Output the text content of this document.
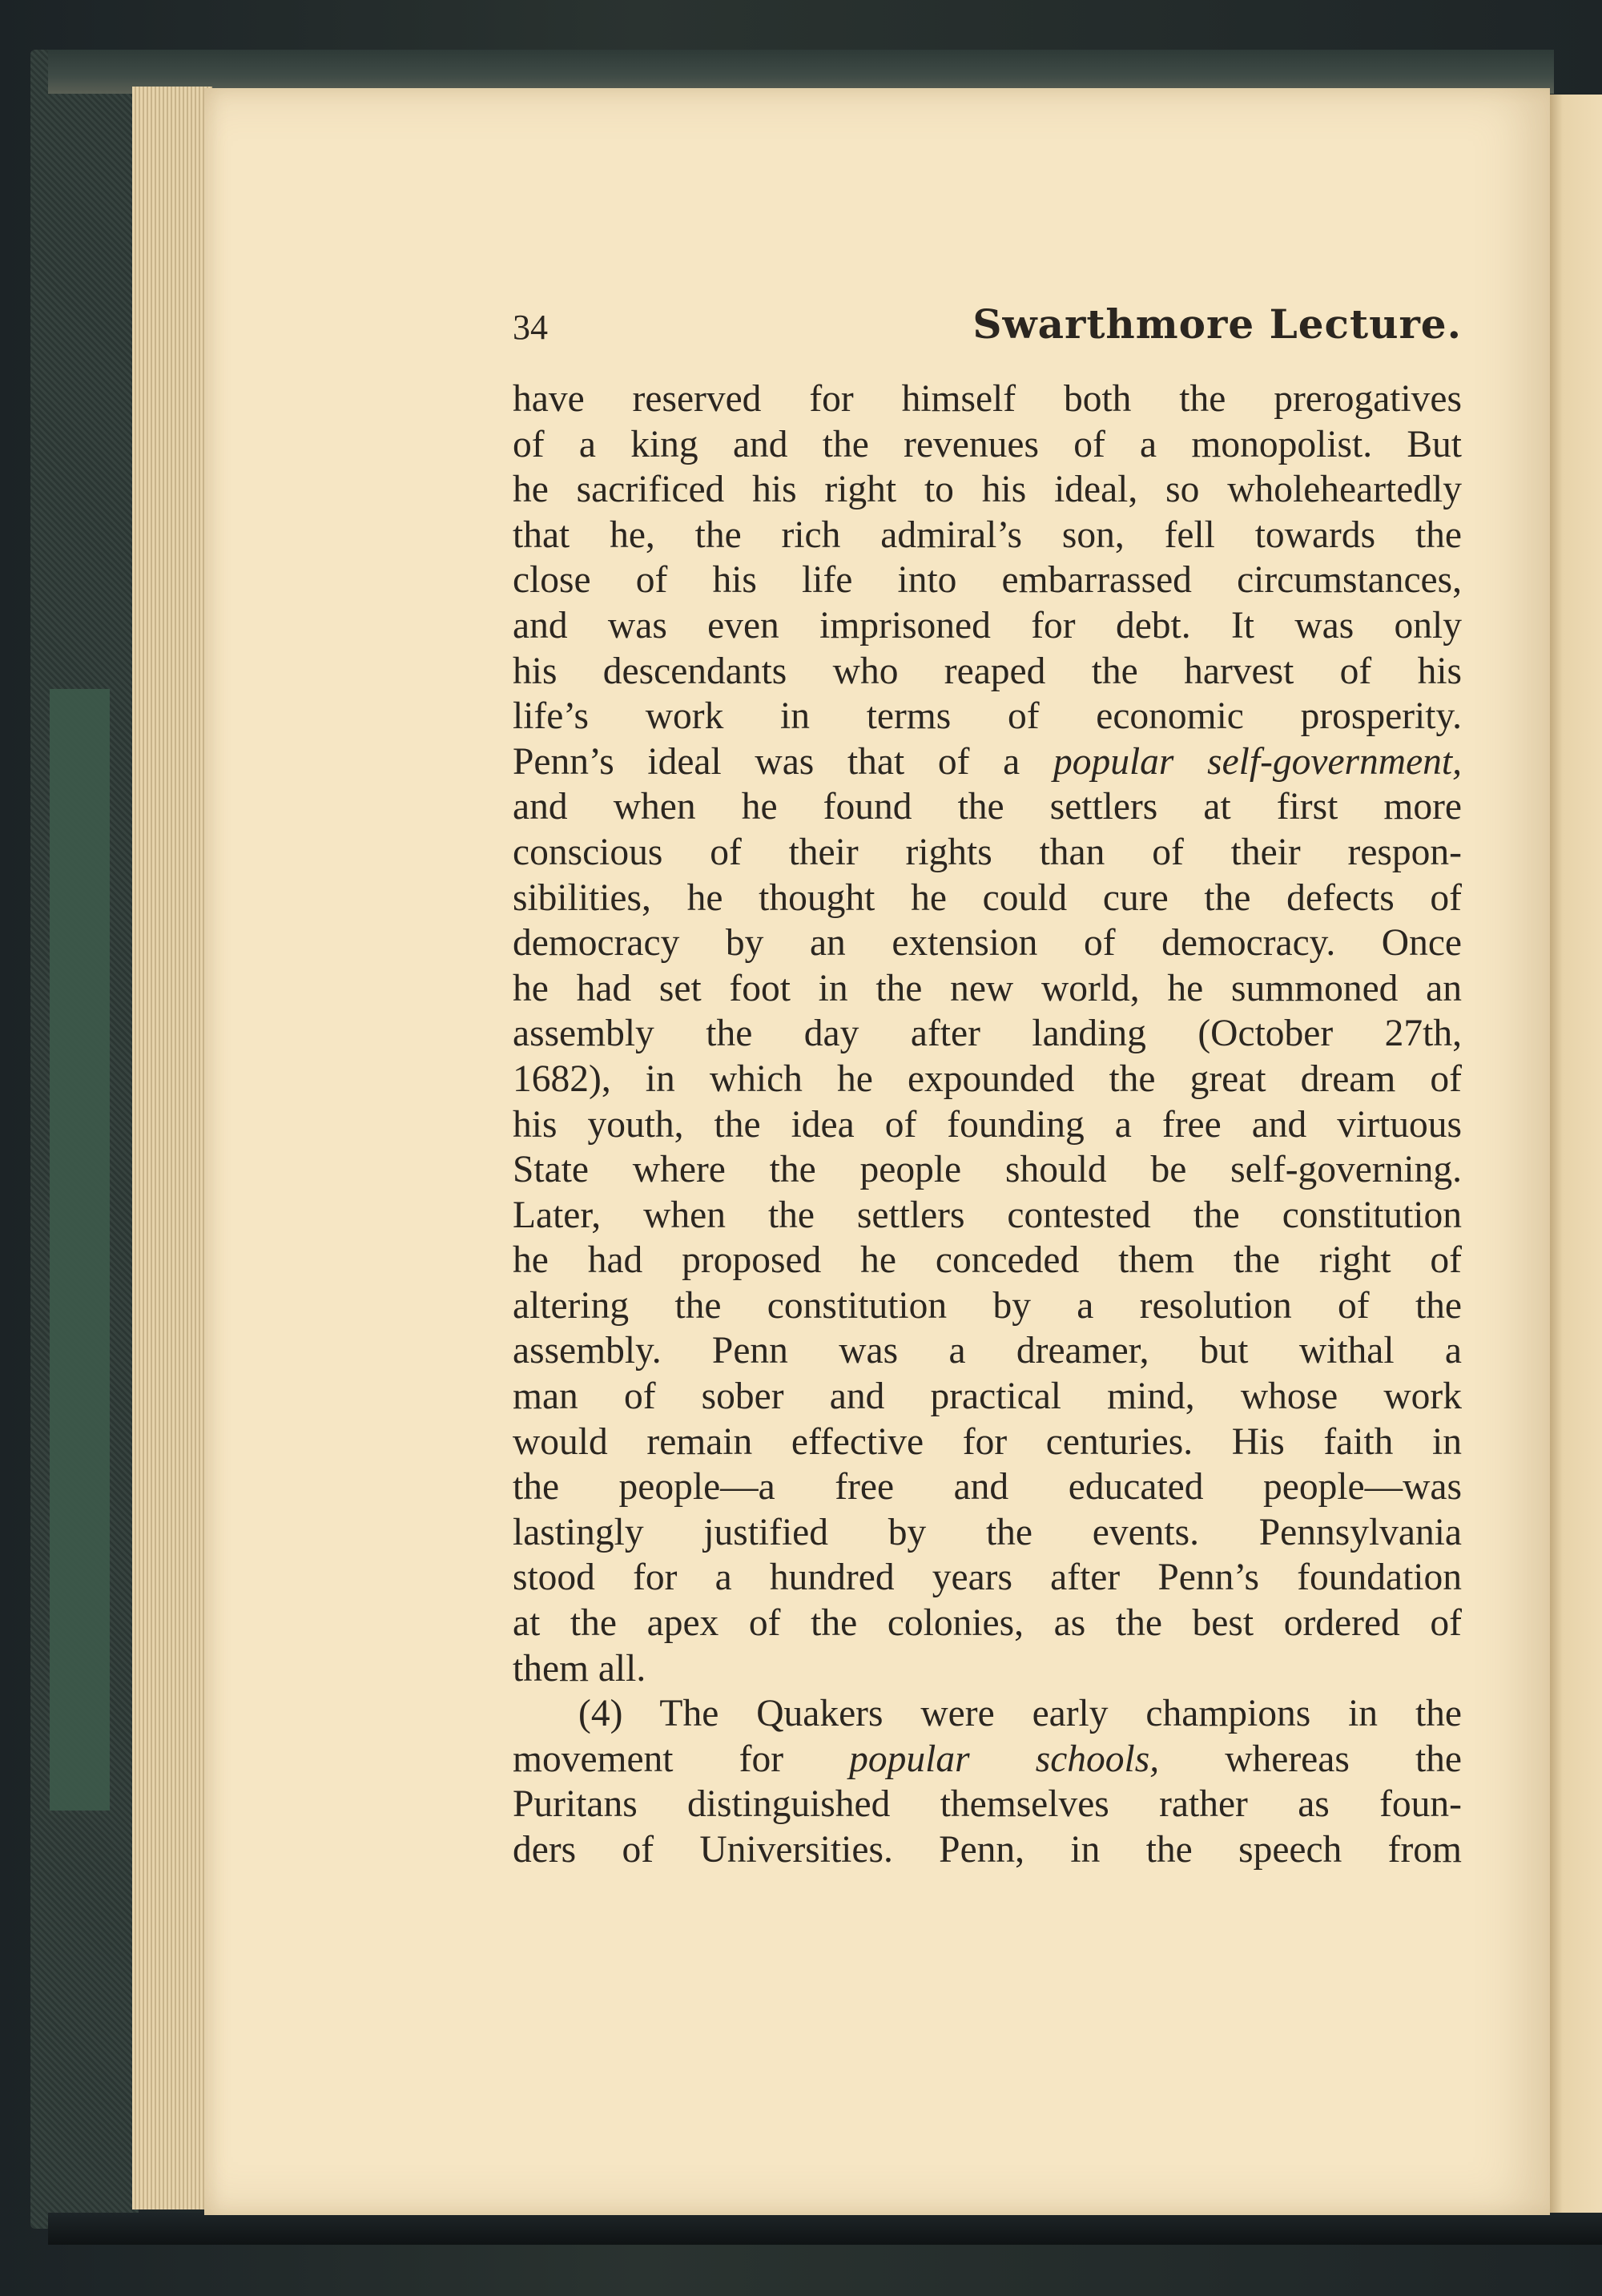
34	Swarthmore Lecture.
have reserved for himself both the prerogatives
of a king and the revenues of a monopolist. But
he sacrificed his right to his ideal, so wholeheartedly
that he, the rich admiral’s son, fell towards the
close of his life into embarrassed circumstances,
and was even imprisoned for debt. It was only
his descendants who reaped the harvest of his
life’s work in terms of economic prosperity.
Penn’s ideal was that of a popular self-government,
and when he found the settlers at first more
conscious of their rights than of their respon-
sibilities, he thought he could cure the defects of
democracy by an extension of democracy. Once
he had set foot in the new world, he summoned an
assembly the day after landing (October 27th,
1682), in which he expounded the great dream of
his youth, the idea of founding a free and virtuous
State where the people should be self-governing.
Later, when the settlers contested the constitution
he had proposed he conceded them the right of
altering the constitution by a resolution of the
assembly. Penn was a dreamer, but withal a
man of sober and practical mind, whose work
would remain effective for centuries. His faith in
the people—a free and educated people—was
lastingly justified by the events. Pennsylvania
stood for a hundred years after Penn’s foundation
at the apex of the colonies, as the best ordered of
them all.
(4) The Quakers were early champions in the
movement for popular schools, whereas the
Puritans distinguished themselves rather as foun-
ders of Universities. Penn, in the speech from
